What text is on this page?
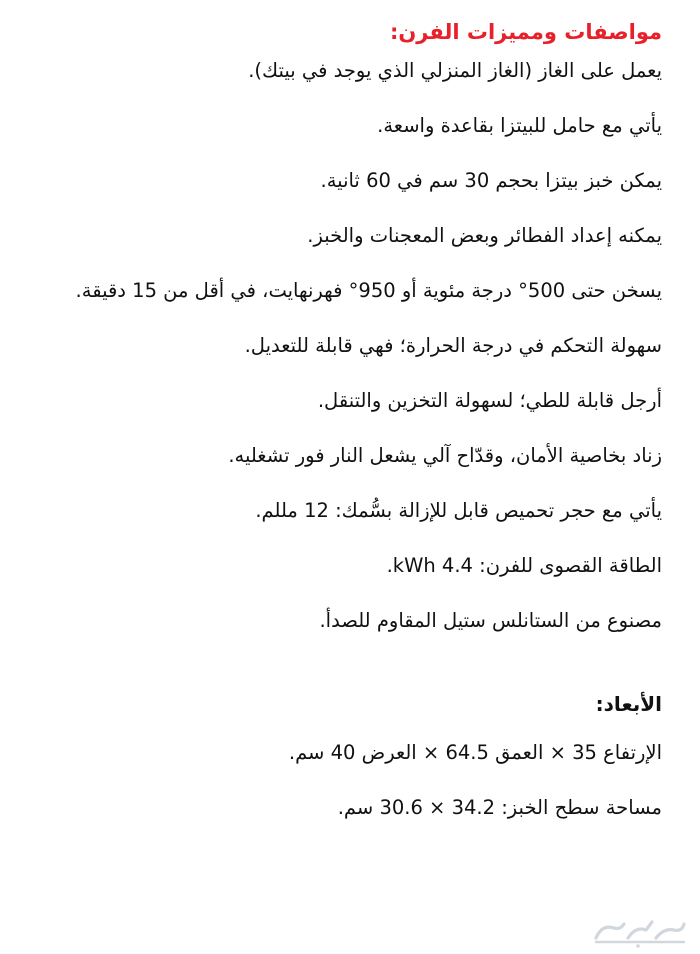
مواصفات ومميزات الفرن:
يعمل على الغاز (الغاز المنزلي الذي يوجد في بيتك).
يأتي مع حامل للبيتزا بقاعدة واسعة.
يمكن خبز بيتزا بحجم 30 سم في 60 ثانية.
يمكنه إعداد الفطائر وبعض المعجنات والخبز.
يسخن حتى 500° درجة مئوية أو 950° فهرنهايت، في أقل من 15 دقيقة.
سهولة التحكم في درجة الحرارة؛ فهي قابلة للتعديل.
أرجل قابلة للطي؛ لسهولة التخزين والتنقل.
زناد بخاصية الأمان، وقدّاح آلي يشعل النار فور تشغليه.
يأتي مع حجر تحميص قابل للإزالة بسُّمك: 12 مللم.
الطاقة القصوى للفرن: 4.4 kWh.
مصنوع من الستانلس ستيل المقاوم للصدأ.
الأبعاد:
الإرتفاع 35 × العمق 64.5 × العرض 40 سم.
مساحة سطح الخبز: 34.2 × 30.6 سم.
